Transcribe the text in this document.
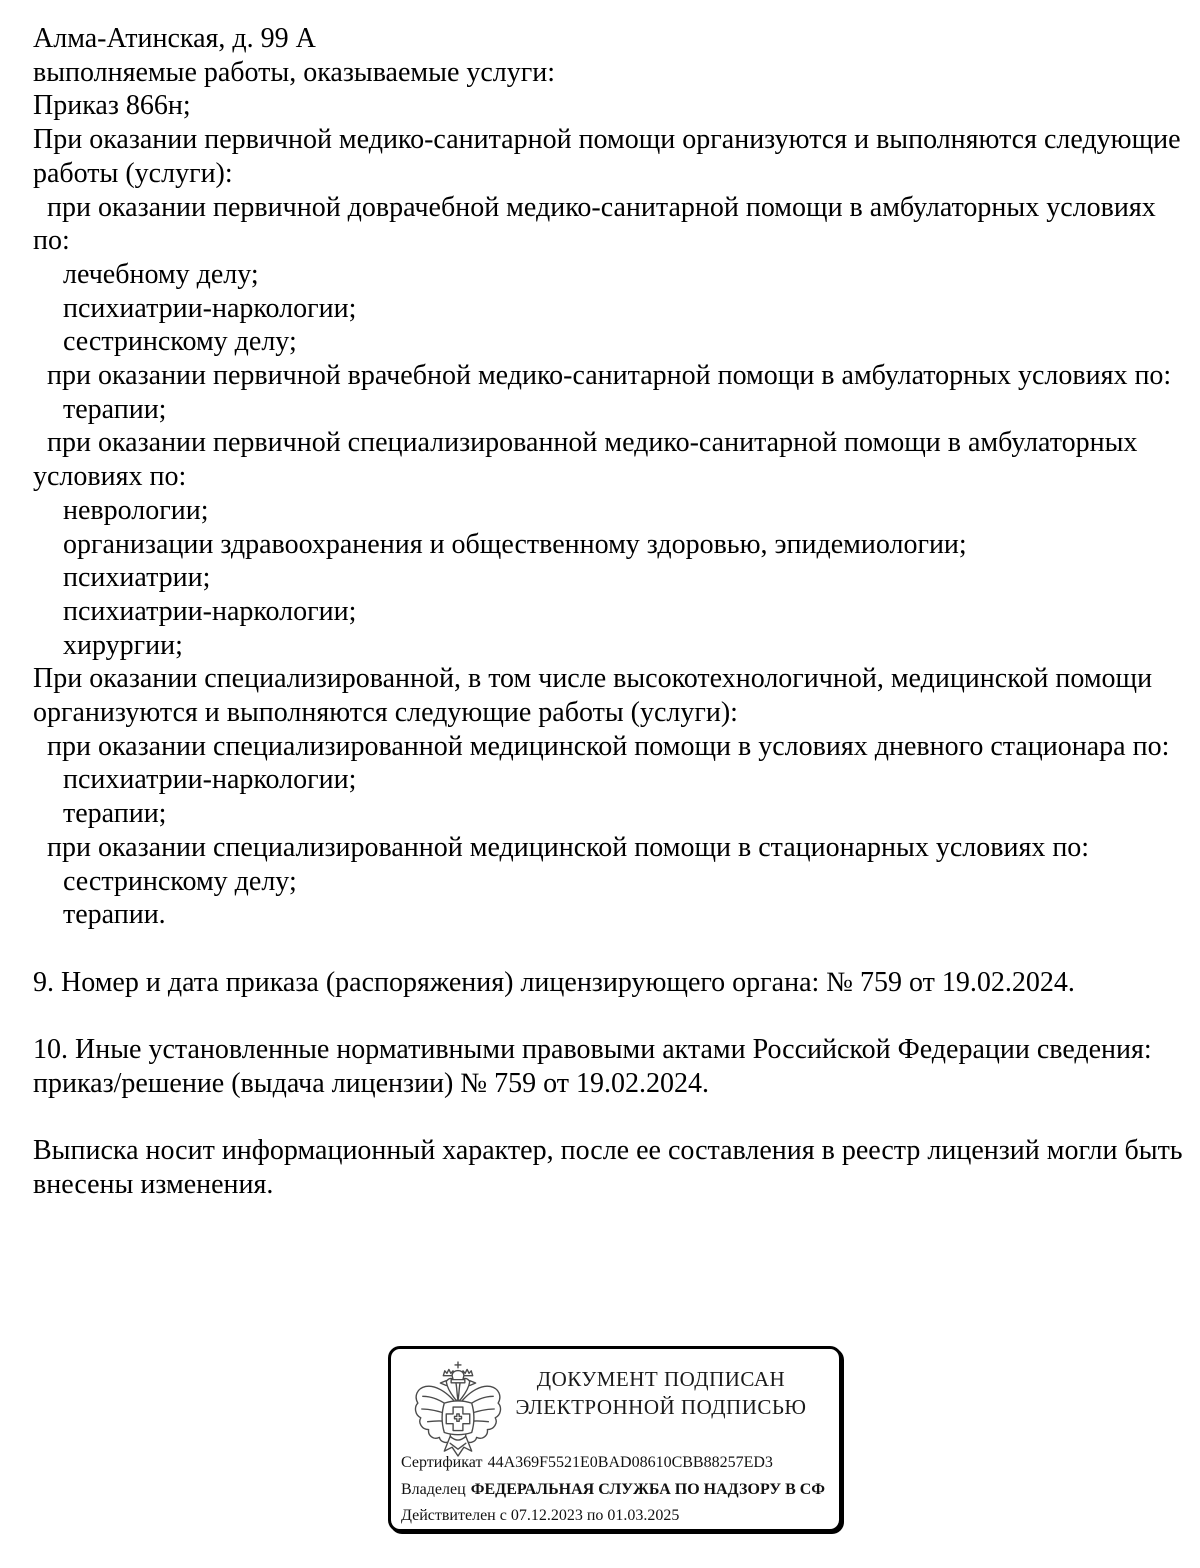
Алма-Атинская, д. 99 А
выполняемые работы, оказываемые услуги:
Приказ 866н;
При оказании первичной медико-санитарной помощи организуются и выполняются следующие
работы (услуги):
при оказании первичной доврачебной медико-санитарной помощи в амбулаторных условиях
по:
лечебному делу;
психиатрии-наркологии;
сестринскому делу;
при оказании первичной врачебной медико-санитарной помощи в амбулаторных условиях по:
терапии;
при оказании первичной специализированной медико-санитарной помощи в амбулаторных
условиях по:
неврологии;
организации здравоохранения и общественному здоровью, эпидемиологии;
психиатрии;
психиатрии-наркологии;
хирургии;
При оказании специализированной, в том числе высокотехнологичной, медицинской помощи
организуются и выполняются следующие работы (услуги):
при оказании специализированной медицинской помощи в условиях дневного стационара по:
психиатрии-наркологии;
терапии;
при оказании специализированной медицинской помощи в стационарных условиях по:
сестринскому делу;
терапии.
9. Номер и дата приказа (распоряжения) лицензирующего органа: № 759 от 19.02.2024.
10. Иные установленные нормативными правовыми актами Российской Федерации сведения:
приказ/решение (выдача лицензии) № 759 от 19.02.2024.
Выписка носит информационный характер, после ее составления в реестр лицензий могли быть
внесены изменения.
ДОКУМЕНТ ПОДПИСАН
ЭЛЕКТРОННОЙ ПОДПИСЬЮ
Сертификат 44A369F5521E0BAD08610CBB88257ED3
Владелец ФЕДЕРАЛЬНАЯ СЛУЖБА ПО НАДЗОРУ В СФ
Действителен с 07.12.2023 по 01.03.2025
